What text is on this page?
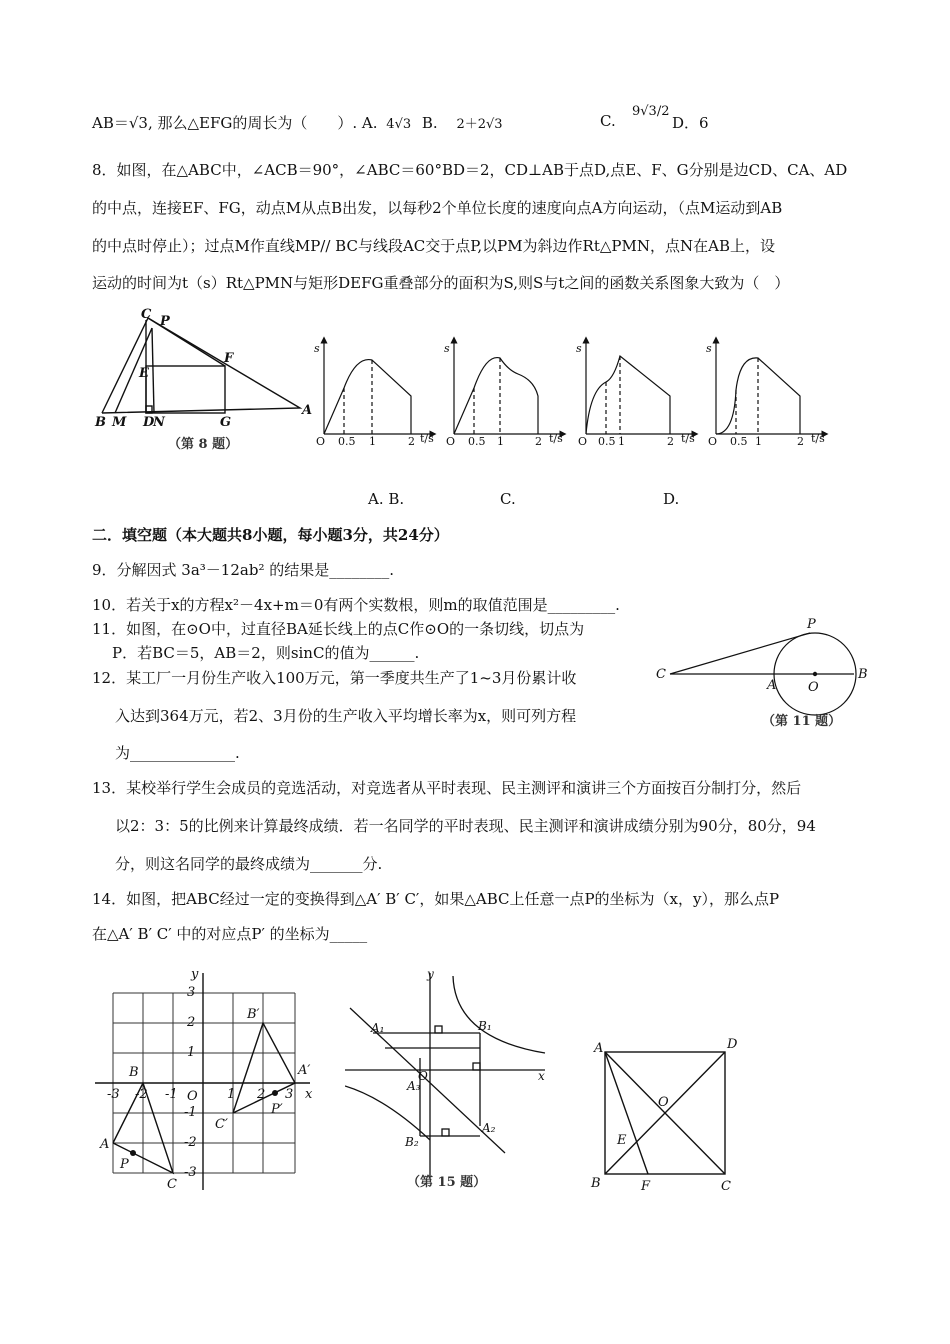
AB＝√3, 那么△EFG的周长为（　　）. A. 4√3 B. 2＋2√3	C.
9√3/2
D．6
8．如图，在△ABC中，∠ACB＝90°，∠ABC＝60°BD＝2，CD⊥AB于点D,点E、F、G分别是边CD、CA、AD
的中点，连接EF、FG，动点M从点B出发，以每秒2个单位长度的速度向点A方向运动，（点M运动到AB
的中点时停止）；过点M作直线MP// BC与线段AC交于点P,以PM为斜边作Rt△PMN，点N在AB上，设
运动的时间为t（s）Rt△PMN与矩形DEFG重叠部分的面积为S,则S与t之间的函数关系图象大致为（　）
C P
E
F
B M D
N	G
A
（第 8 题）
s	s	s	s
O 0.5 1	2 t/s O 0.5 1	2 t/s O 0.5 1	2 t/s O 0.5 1	2 t/s
A. B.	C.	D.
二．填空题（本大题共8小题，每小题3分，共24分）
9．分解因式 3a³－12ab² 的结果是________.
10．若关于x的方程x²－4x+m＝0有两个实数根，则m的取值范围是_________.
11．如图，在⊙O中，过直径BA延长线上的点C作⊙O的一条切线，切点为
P．若BC＝5，AB＝2，则sinC的值为______.
12．某工厂一月份生产收入100万元，第一季度共生产了1~3月份累计收
入达到364万元，若2、3月份的生产收入平均增长率为x，则可列方程
为______________.
P
C
A O
B
（第 11 题）
13．某校举行学生会成员的竞选活动，对竞选者从平时表现、民主测评和演讲三个方面按百分制打分，然后
以2：3：5的比例来计算最终成绩．若一名同学的平时表现、民主测评和演讲成绩分别为90分，80分，94
分，则这名同学的最终成绩为_______分.
14．如图，把ABC经过一定的变换得到△A′ B′ C′，如果△ABC上任意一点P的坐标为（x，y），那么点P
在△A′ B′ C′ 中的对应点P′ 的坐标为_____
y
x
3
2
1
O 1 2 3
-1
-2
-3
-1
-2
-3
B
B′
A
A′
C
C′
P
P′
y
x
O
A₁	B₁
A₃
A₂
B₂
（第 15 题）
A	D
O
E
B	F	C
